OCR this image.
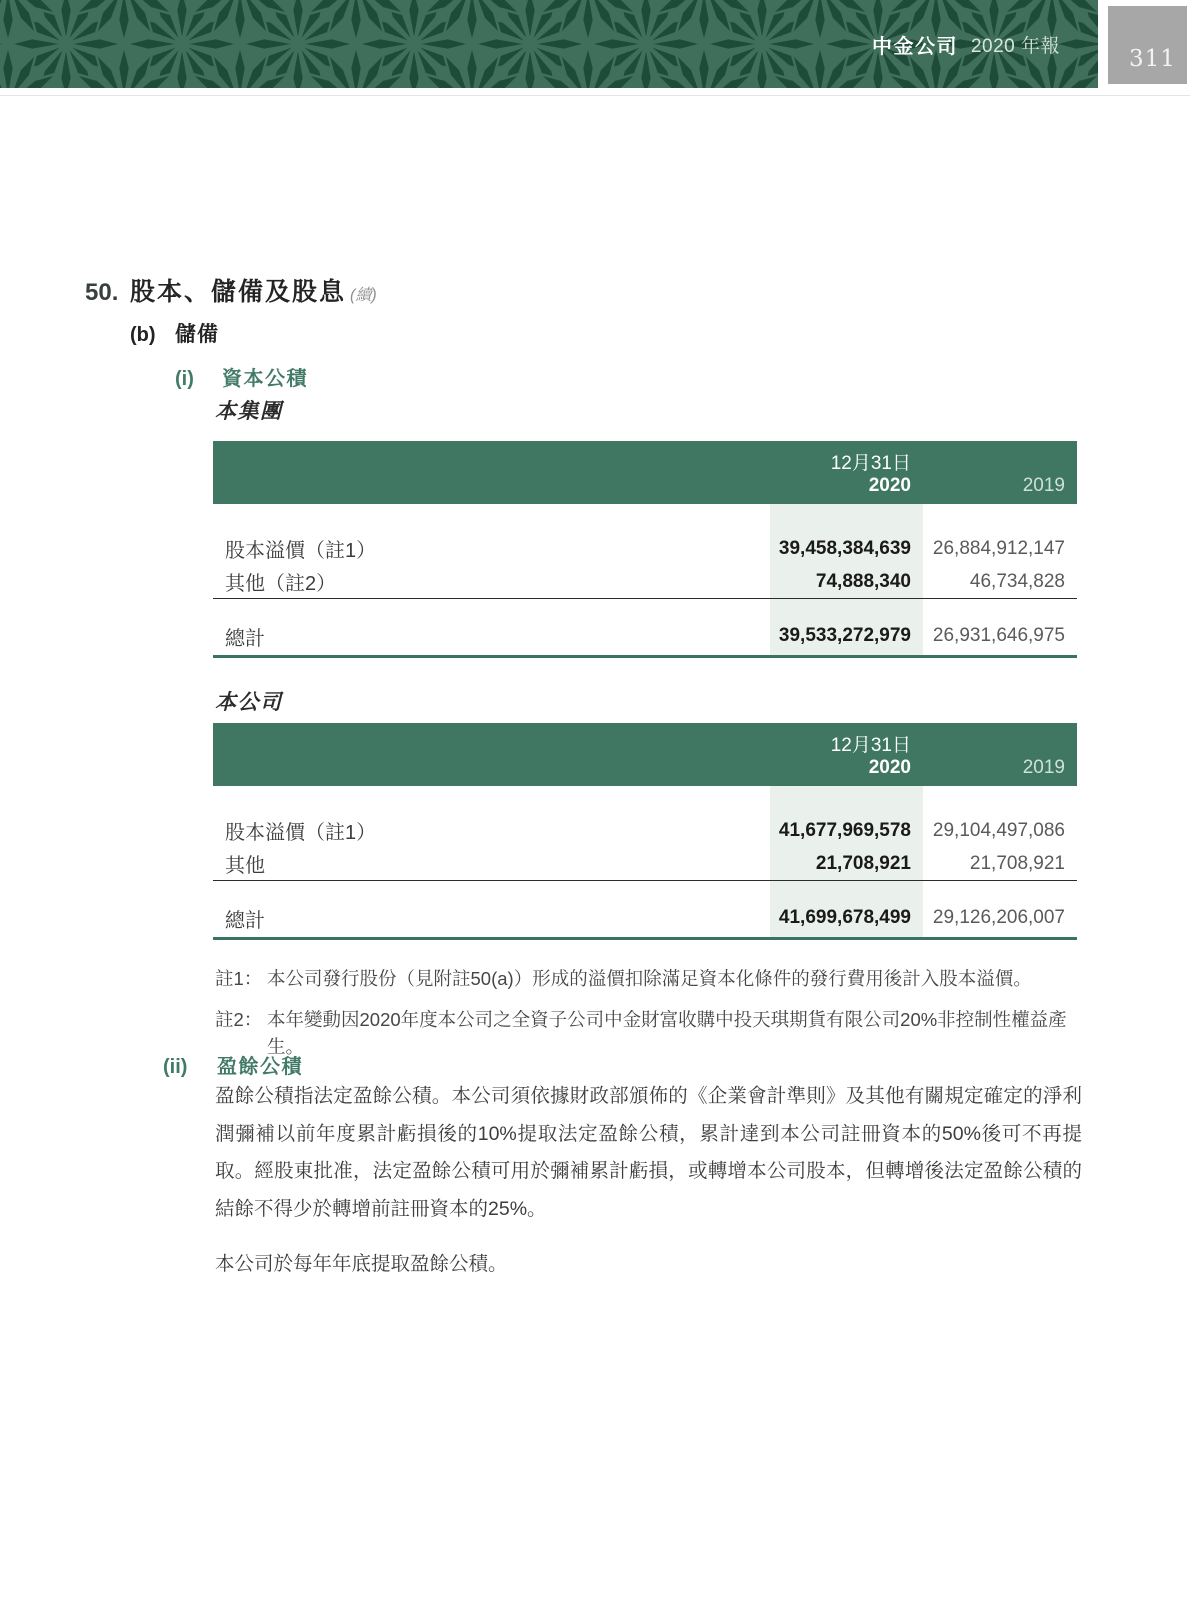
中金公司 2020 年報	311
50. 股本、儲備及股息 (續)
(b) 儲備
(i)	資本公積
本集團
12月31日
2020	2019
股本溢價（註1）	39,458,384,639	26,884,912,147
其他（註2）	74,888,340	46,734,828
總計	39,533,272,979	26,931,646,975
本公司
12月31日
2020	2019
股本溢價（註1）	41,677,969,578	29,104,497,086
其他	21,708,921	21,708,921
總計	41,699,678,499	29,126,206,007
註1： 本公司發行股份（見附註50(a)）形成的溢價扣除滿足資本化條件的發行費用後計入股本溢價。
註2： 本年變動因2020年度本公司之全資子公司中金財富收購中投天琪期貨有限公司20%非控制性權益產生。
(ii)	盈餘公積

盈餘公積指法定盈餘公積。本公司須依據財政部頒佈的《企業會計準則》及其他有關規定確定的淨利潤彌補以前年度累計虧損後的10%提取法定盈餘公積，累計達到本公司註冊資本的50%後可不再提取。經股東批准，法定盈餘公積可用於彌補累計虧損，或轉增本公司股本，但轉增後法定盈餘公積的結餘不得少於轉增前註冊資本的25%。

本公司於每年年底提取盈餘公積。
